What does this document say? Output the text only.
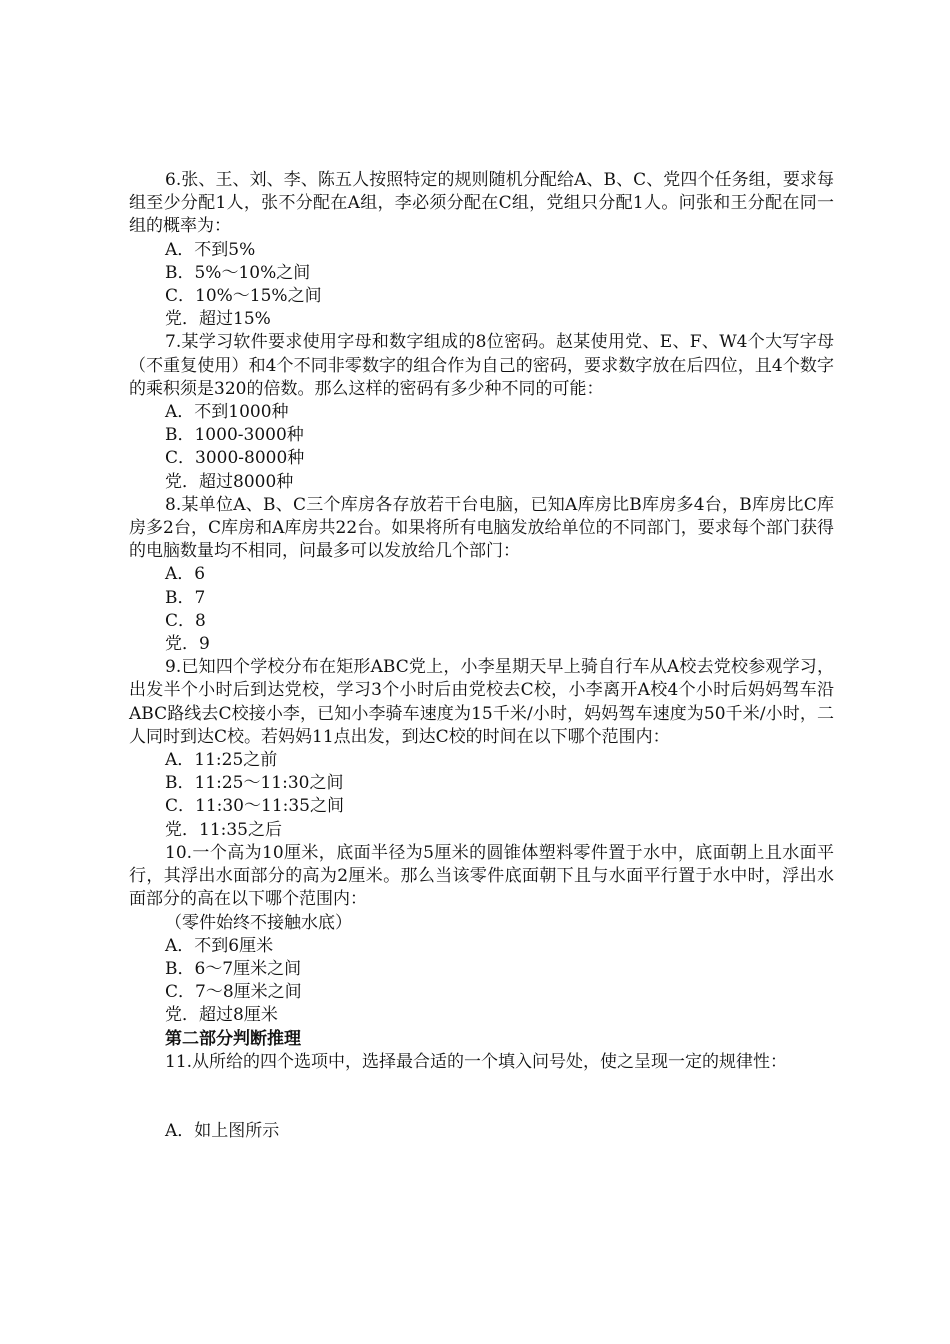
6.张、王、刘、李、陈五人按照特定的规则随机分配给A、B、C、党四个任务组，要求每组至少分配1人，张不分配在A组，李必须分配在C组，党组只分配1人。问张和王分配在同一组的概率为：

A．不到5%

B．5%～10%之间

C．10%～15%之间

党．超过15%

7.某学习软件要求使用字母和数字组成的8位密码。赵某使用党、E、F、W4个大写字母（不重复使用）和4个不同非零数字的组合作为自己的密码，要求数字放在后四位，且4个数字的乘积须是320的倍数。那么这样的密码有多少种不同的可能：

A．不到1000种

B．1000-3000种

C．3000-8000种

党．超过8000种

8.某单位A、B、C三个库房各存放若干台电脑，已知A库房比B库房多4台，B库房比C库房多2台，C库房和A库房共22台。如果将所有电脑发放给单位的不同部门，要求每个部门获得的电脑数量均不相同，问最多可以发放给几个部门：

A．6

B．7

C．8

党．9

9.已知四个学校分布在矩形ABC党上，小李星期天早上骑自行车从A校去党校参观学习，出发半个小时后到达党校，学习3个小时后由党校去C校，小李离开A校4个小时后妈妈驾车沿ABC路线去C校接小李，已知小李骑车速度为15千米/小时，妈妈驾车速度为50千米/小时，二人同时到达C校。若妈妈11点出发，到达C校的时间在以下哪个范围内：

A．11:25之前

B．11:25～11:30之间

C．11:30～11:35之间

党．11:35之后

10.一个高为10厘米，底面半径为5厘米的圆锥体塑料零件置于水中，底面朝上且水面平行，其浮出水面部分的高为2厘米。那么当该零件底面朝下且与水面平行置于水中时，浮出水面部分的高在以下哪个范围内：

（零件始终不接触水底）

A．不到6厘米

B．6～7厘米之间

C．7～8厘米之间

党．超过8厘米

第二部分判断推理

11.从所给的四个选项中，选择最合适的一个填入问号处，使之呈现一定的规律性：

A．如上图所示
